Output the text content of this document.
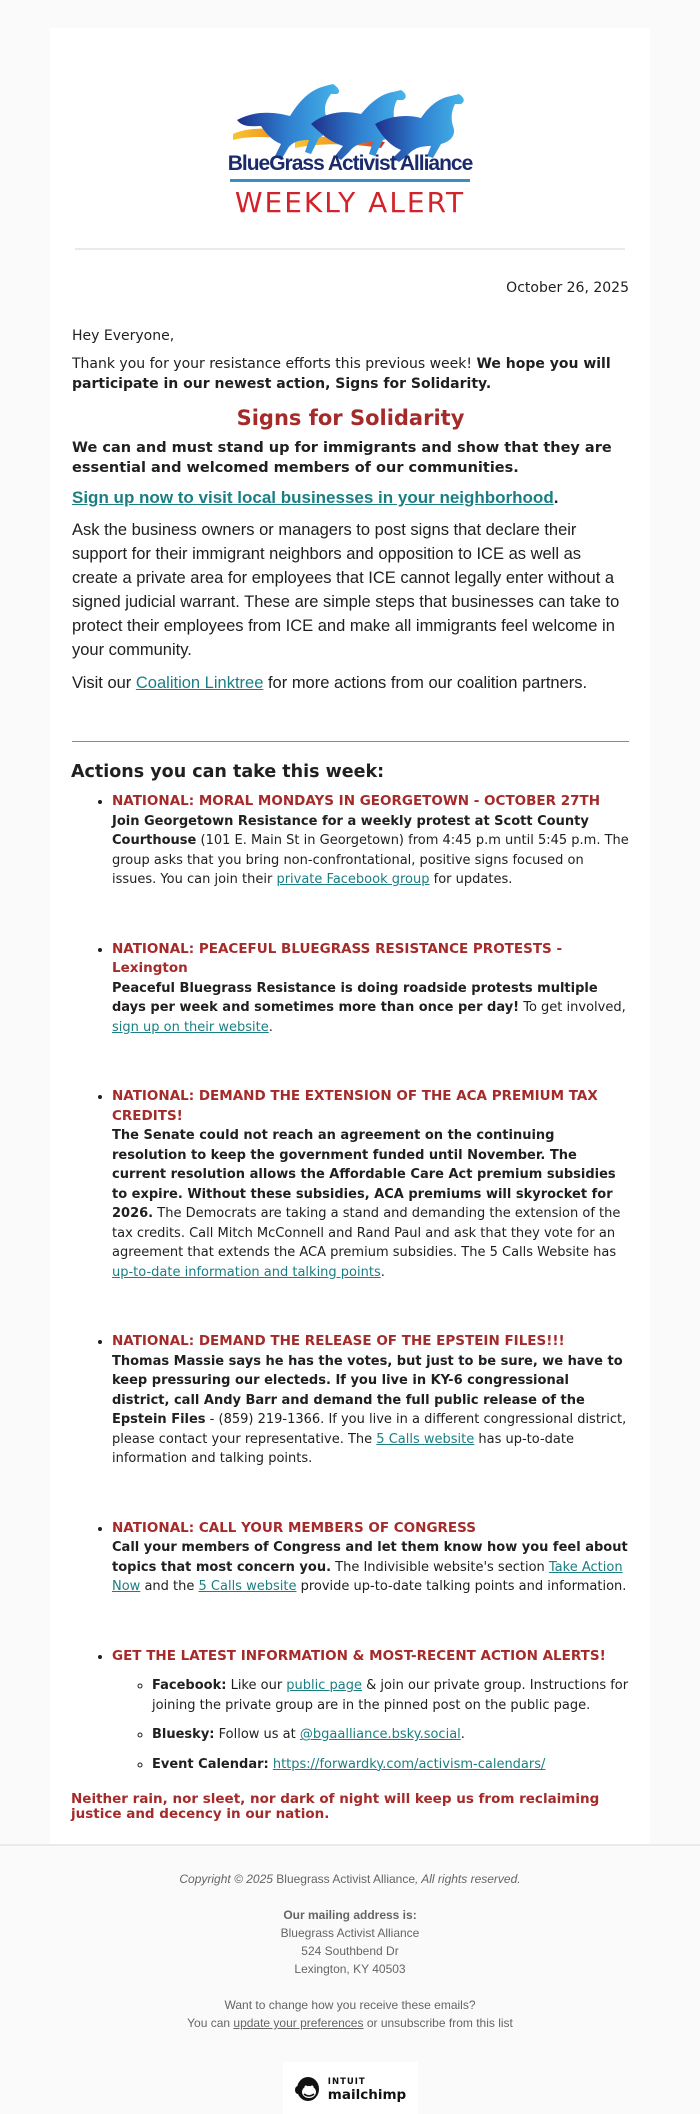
BlueGrass Activist Alliance
WEEKLY ALERT
October 26, 2025

Hey Everyone,

Thank you for your resistance efforts this previous week! We hope you will participate in our newest action, Signs for Solidarity.

Signs for Solidarity

We can and must stand up for immigrants and show that they are essential and welcomed members of our communities.

Sign up now to visit local businesses in your neighborhood.

Ask the business owners or managers to post signs that declare their support for their immigrant neighbors and opposition to ICE as well as create a private area for employees that ICE cannot legally enter without a signed judicial warrant. These are simple steps that businesses can take to protect their employees from ICE and make all immigrants feel welcome in your community.

Visit our Coalition Linktree for more actions from our coalition partners.

Actions you can take this week:
• NATIONAL: MORAL MONDAYS IN GEORGETOWN - OCTOBER 27TH
Join Georgetown Resistance for a weekly protest at Scott County Courthouse (101 E. Main St in Georgetown) from 4:45 p.m until 5:45 p.m. The group asks that you bring non-confrontational, positive signs focused on issues. You can join their private Facebook group for updates.
• NATIONAL: PEACEFUL BLUEGRASS RESISTANCE PROTESTS - Lexington
Peaceful Bluegrass Resistance is doing roadside protests multiple days per week and sometimes more than once per day! To get involved, sign up on their website.
• NATIONAL: DEMAND THE EXTENSION OF THE ACA PREMIUM TAX CREDITS!
The Senate could not reach an agreement on the continuing resolution to keep the government funded until November. The current resolution allows the Affordable Care Act premium subsidies to expire. Without these subsidies, ACA premiums will skyrocket for 2026. The Democrats are taking a stand and demanding the extension of the tax credits. Call Mitch McConnell and Rand Paul and ask that they vote for an agreement that extends the ACA premium subsidies. The 5 Calls Website has up-to-date information and talking points.
• NATIONAL: DEMAND THE RELEASE OF THE EPSTEIN FILES!!!
Thomas Massie says he has the votes, but just to be sure, we have to keep pressuring our electeds. If you live in KY-6 congressional district, call Andy Barr and demand the full public release of the Epstein Files - (859) 219-1366. If you live in a different congressional district, please contact your representative. The 5 Calls website has up-to-date information and talking points.
• NATIONAL: CALL YOUR MEMBERS OF CONGRESS
Call your members of Congress and let them know how you feel about topics that most concern you. The Indivisible website's section Take Action Now and the 5 Calls website provide up-to-date talking points and information.
• GET THE LATEST INFORMATION & MOST-RECENT ACTION ALERTS!
◦ Facebook: Like our public page & join our private group. Instructions for joining the private group are in the pinned post on the public page.
◦ Bluesky: Follow us at @bgaalliance.bsky.social.
◦ Event Calendar: https://forwardky.com/activism-calendars/
Neither rain, nor sleet, nor dark of night will keep us from reclaiming justice and decency in our nation.
Copyright © 2025 Bluegrass Activist Alliance, All rights reserved.
Our mailing address is:
Bluegrass Activist Alliance
524 Southbend Dr
Lexington, KY 40503
Want to change how you receive these emails?
You can update your preferences or unsubscribe from this list
INTUIT
mailchimp
